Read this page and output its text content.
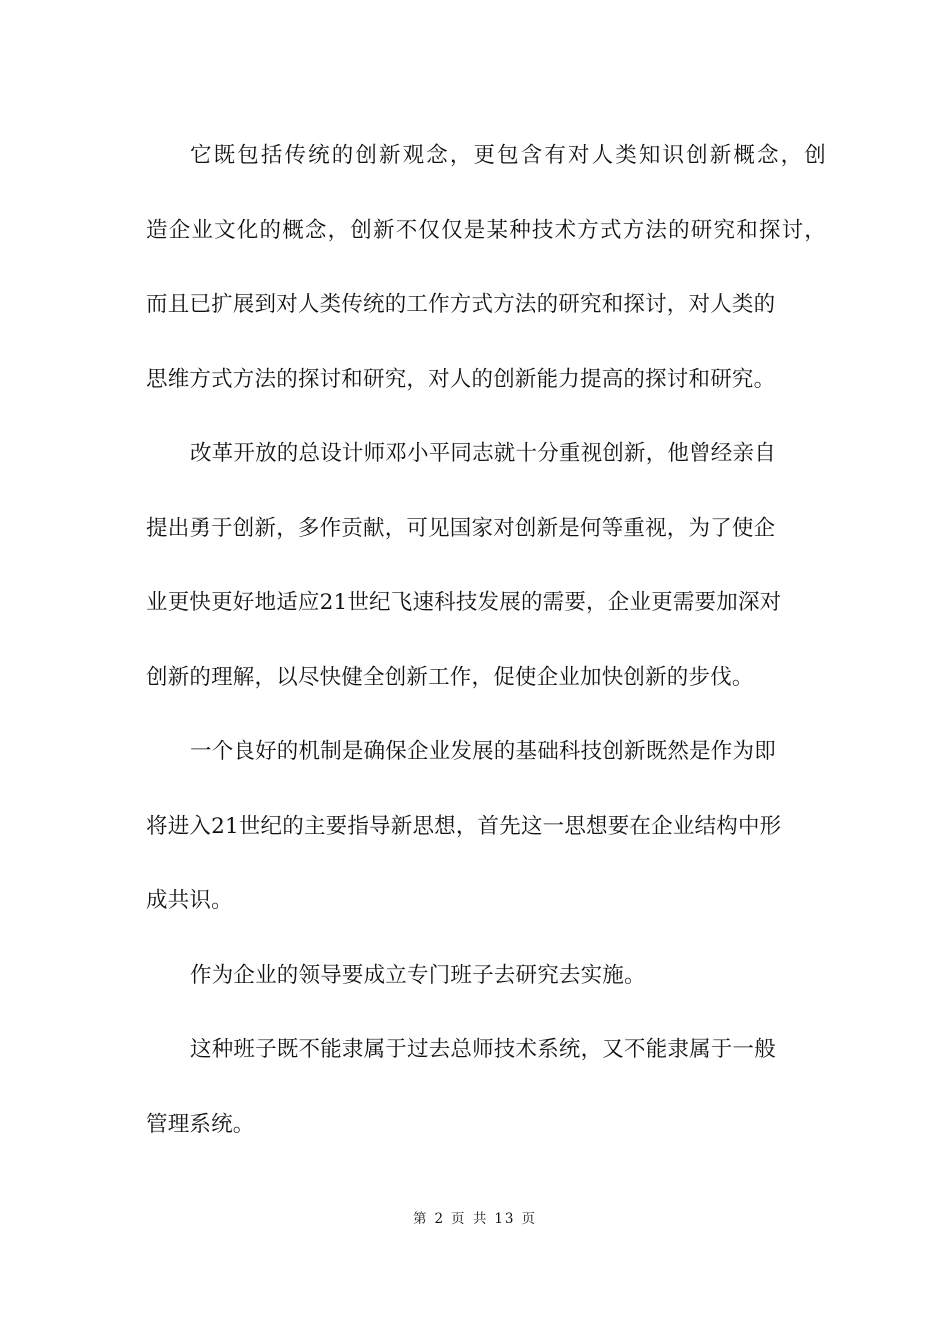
它既包括传统的创新观念，更包含有对人类知识创新概念，创
造企业文化的概念，创新不仅仅是某种技术方式方法的研究和探讨，
而且已扩展到对人类传统的工作方式方法的研究和探讨，对人类的
思维方式方法的探讨和研究，对人的创新能力提高的探讨和研究。
改革开放的总设计师邓小平同志就十分重视创新，他曾经亲自
提出勇于创新，多作贡献，可见国家对创新是何等重视，为了使企
业更快更好地适应21世纪飞速科技发展的需要，企业更需要加深对
创新的理解，以尽快健全创新工作，促使企业加快创新的步伐。
一个良好的机制是确保企业发展的基础科技创新既然是作为即
将进入21世纪的主要指导新思想，首先这一思想要在企业结构中形
成共识。
作为企业的领导要成立专门班子去研究去实施。
这种班子既不能隶属于过去总师技术系统，又不能隶属于一般
管理系统。
第 2 页 共 13 页
